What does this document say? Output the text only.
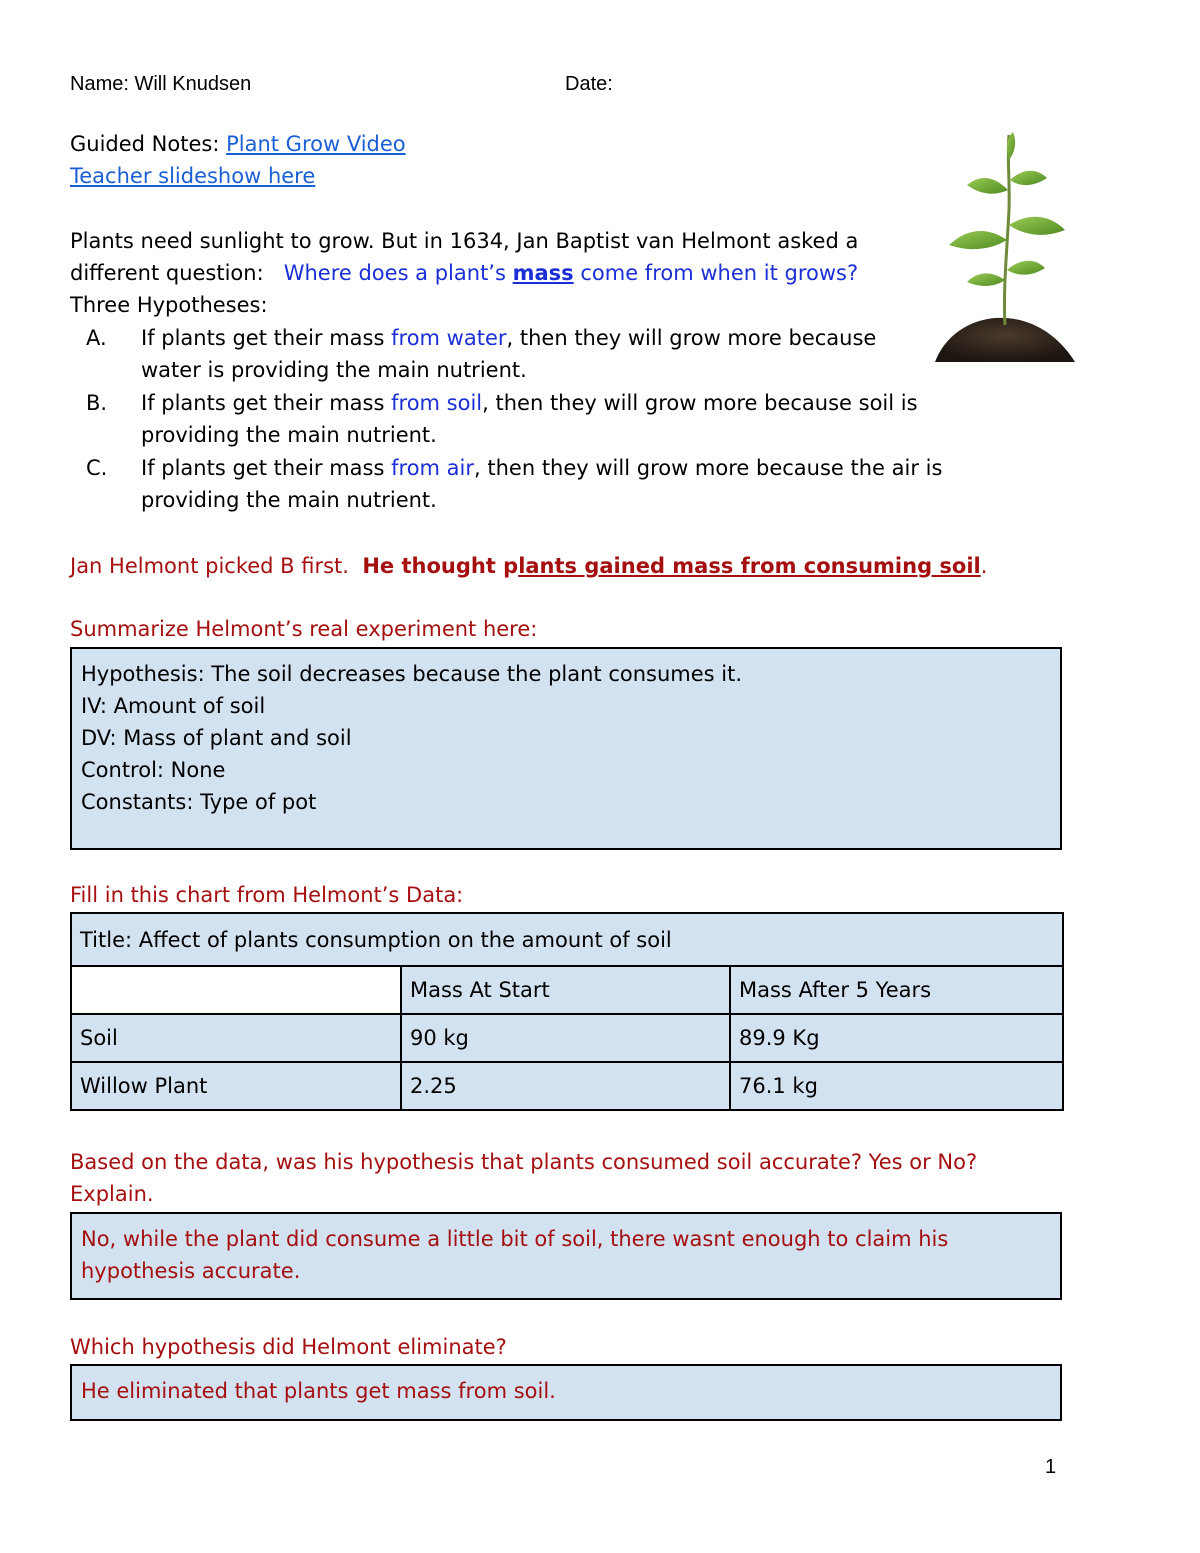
Name: Will Knudsen	Date:
Guided Notes: Plant Grow Video
Teacher slideshow here
Plants need sunlight to grow. But in 1634, Jan Baptist van Helmont asked a
different question: Where does a plant’s mass come from when it grows?
Three Hypotheses:
A. If plants get their mass from water, then they will grow more because
water is providing the main nutrient.
B. If plants get their mass from soil, then they will grow more because soil is
providing the main nutrient.
C. If plants get their mass from air, then they will grow more because the air is
providing the main nutrient.
Jan Helmont picked B first. He thought plants gained mass from consuming soil.
Summarize Helmont’s real experiment here:
Hypothesis: The soil decreases because the plant consumes it.
IV: Amount of soil
DV: Mass of plant and soil
Control: None
Constants: Type of pot
Fill in this chart from Helmont’s Data:
Title: Affect of plants consumption on the amount of soil		
	Mass At Start	Mass After 5 Years
Soil	90 kg	89.9 Kg
Willow Plant	2.25	76.1 kg
Based on the data, was his hypothesis that plants consumed soil accurate? Yes or No?
Explain.
No, while the plant did consume a little bit of soil, there wasnt enough to claim his
hypothesis accurate.
Which hypothesis did Helmont eliminate?
He eliminated that plants get mass from soil.
1
